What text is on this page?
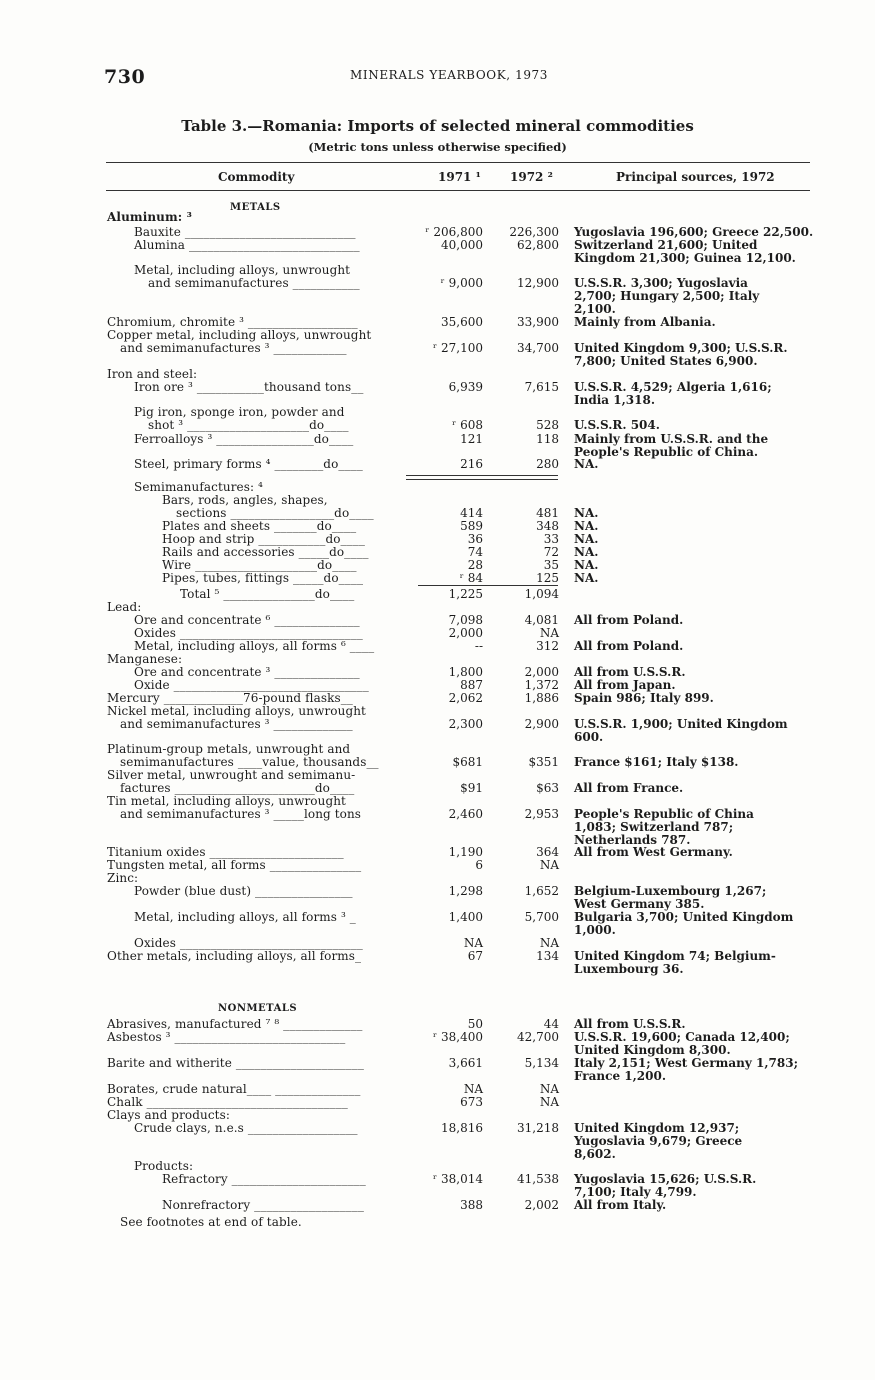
730	MINERALS YEARBOOK, 1973
Table 3.—Romania: Imports of selected mineral commodities
(Metric tons unless otherwise specified)
Commodity	1971 ¹ 1972 ²	Principal sources, 1972
METALS
Aluminum: ³
Bauxite ____________________________	ʳ 206,800 226,300 Yugoslavia 196,600; Greece 22,500.
Alumina ____________________________	40,000	62,800 Switzerland 21,600; United
Kingdom 21,300; Guinea 12,100.
Metal, including alloys, unwrought
and semimanufactures ___________	ʳ 9,000	12,900 U.S.S.R. 3,300; Yugoslavia
2,700; Hungary 2,500; Italy
2,100.
Chromium, chromite ³ __________________	35,600	33,900 Mainly from Albania.
Copper metal, including alloys, unwrought
and semimanufactures ³ ____________	ʳ 27,100	34,700 United Kingdom 9,300; U.S.S.R.
7,800; United States 6,900.
Iron and steel:
Iron ore ³ ___________thousand tons__	6,939	7,615 U.S.S.R. 4,529; Algeria 1,616;
India 1,318.
Pig iron, sponge iron, powder and
shot ³ ____________________do____	ʳ 608	528 U.S.S.R. 504.
Ferroalloys ³ ________________do____	121	118 Mainly from U.S.S.R. and the
People's Republic of China.
Steel, primary forms ⁴ ________do____	216	280 NA.
Semimanufactures: ⁴
Bars, rods, angles, shapes,
sections _________________do____	414	481 NA.
Plates and sheets _______do____	589	348 NA.
Hoop and strip ___________do____	36	33 NA.
Rails and accessories _____do____	74	72 NA.
Wire ____________________do____	28	35 NA.
Pipes, tubes, fittings _____do____	ʳ 84	125 NA.
Total ⁵ _______________do____	1,225	1,094
Lead:
Ore and concentrate ⁶ ______________	7,098	4,081 All from Poland.
Oxides ______________________________	2,000	NA
Metal, including alloys, all forms ⁶ ____	--	312 All from Poland.
Manganese:
Ore and concentrate ³ ______________	1,800	2,000 All from U.S.S.R.
Oxide ________________________________	887	1,372 All from Japan.
Mercury _____________76-pound flasks__	2,062	1,886 Spain 986; Italy 899.
Nickel metal, including alloys, unwrought
and semimanufactures ³ _____________	2,300	2,900 U.S.S.R. 1,900; United Kingdom
600.
Platinum-group metals, unwrought and
semimanufactures ____value, thousands__	$681	$351 France $161; Italy $138.
Silver metal, unwrought and semimanu-
factures _______________________do____	$91	$63 All from France.
Tin metal, including alloys, unwrought
and semimanufactures ³ _____long tons	2,460	2,953 People's Republic of China
1,083; Switzerland 787;
Netherlands 787.
Titanium oxides ______________________	1,190	364 All from West Germany.
Tungsten metal, all forms _______________	6	NA
Zinc:
Powder (blue dust) ________________	1,298	1,652 Belgium-Luxembourg 1,267;
West Germany 385.
Metal, including alloys, all forms ³ _	1,400	5,700 Bulgaria 3,700; United Kingdom
1,000.
Oxides ______________________________	NA	NA
Other metals, including alloys, all forms_	67	134 United Kingdom 74; Belgium-
Luxembourg 36.
NONMETALS
Abrasives, manufactured ⁷ ⁸ _____________	50	44 All from U.S.S.R.
Asbestos ³ ____________________________	ʳ 38,400	42,700 U.S.S.R. 19,600; Canada 12,400;
United Kingdom 8,300.
Barite and witherite _____________________	3,661	5,134 Italy 2,151; West Germany 1,783;
France 1,200.
Borates, crude natural____ ______________	NA	NA
Chalk _________________________________	673	NA
Clays and products:
Crude clays, n.e.s __________________	18,816	31,218 United Kingdom 12,937;
Yugoslavia 9,679; Greece
8,602.
Products:
Refractory ______________________	ʳ 38,014	41,538 Yugoslavia 15,626; U.S.S.R.
7,100; Italy 4,799.
Nonrefractory __________________	388	2,002 All from Italy.
See footnotes at end of table.
